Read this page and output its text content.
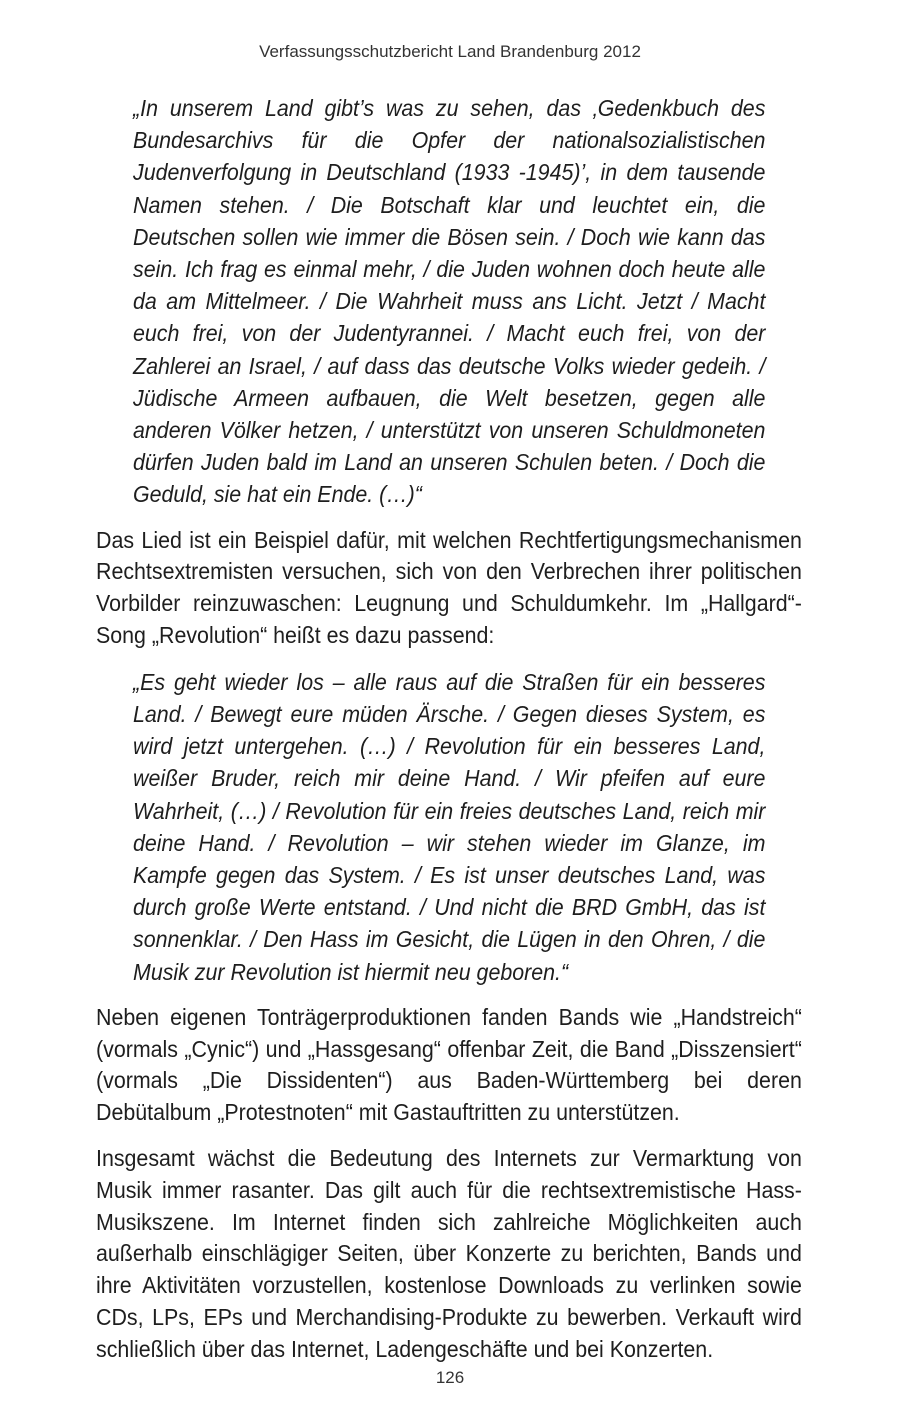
Verfassungsschutzbericht Land Brandenburg 2012

„In unserem Land gibt’s was zu sehen, das ‚Gedenkbuch des Bundesarchivs für die Opfer der nationalsozialistischen Judenverfolgung in Deutschland (1933 -1945)’, in dem tausende Namen stehen. / Die Botschaft klar und leuchtet ein, die Deutschen sollen wie immer die Bösen sein. / Doch wie kann das sein. Ich frag es einmal mehr, / die Juden wohnen doch heute alle da am Mittelmeer. / Die Wahrheit muss ans Licht. Jetzt / Macht euch frei, von der Judentyrannei. / Macht euch frei, von der Zahlerei an Israel, / auf dass das deutsche Volks wieder gedeih. / Jüdische Armeen aufbauen, die Welt besetzen, gegen alle anderen Völker hetzen, / unterstützt von unseren Schuldmoneten dürfen Juden bald im Land an unseren Schulen beten. / Doch die Geduld, sie hat ein Ende. (…)“

Das Lied ist ein Beispiel dafür, mit welchen Rechtfertigungsmechanismen Rechtsextremisten versuchen, sich von den Verbrechen ihrer politischen Vorbilder reinzuwaschen: Leugnung und Schuldumkehr. Im „Hallgard“-Song „Revolution“ heißt es dazu passend:

„Es geht wieder los – alle raus auf die Straßen für ein besseres Land. / Bewegt eure müden Ärsche. / Gegen dieses System, es wird jetzt untergehen. (…) / Revolution für ein besseres Land, weißer Bruder, reich mir deine Hand. / Wir pfeifen auf eure Wahrheit, (…) / Revolution für ein freies deutsches Land, reich mir deine Hand. / Revolution – wir stehen wieder im Glanze, im Kampfe gegen das System. / Es ist unser deutsches Land, was durch große Werte entstand. / Und nicht die BRD GmbH, das ist sonnenklar. / Den Hass im Gesicht, die Lügen in den Ohren, / die Musik zur Revolution ist hiermit neu geboren.“

Neben eigenen Tonträgerproduktionen fanden Bands wie „Handstreich“ (vormals „Cynic“) und „Hassgesang“ offenbar Zeit, die Band „Disszensiert“ (vormals „Die Dissidenten“) aus Baden-Württemberg bei deren Debütalbum „Protestnoten“ mit Gastauftritten zu unterstützen.

Insgesamt wächst die Bedeutung des Internets zur Vermarktung von Musik immer rasanter. Das gilt auch für die rechtsextremistische Hass-Musikszene. Im Internet finden sich zahlreiche Möglichkeiten auch außerhalb einschlägiger Seiten, über Konzerte zu berichten, Bands und ihre Aktivitäten vorzustellen, kostenlose Downloads zu verlinken sowie CDs, LPs, EPs und Merchandising-Produkte zu bewerben. Verkauft wird schließlich über das Internet, Ladengeschäfte und bei Konzerten.

126
